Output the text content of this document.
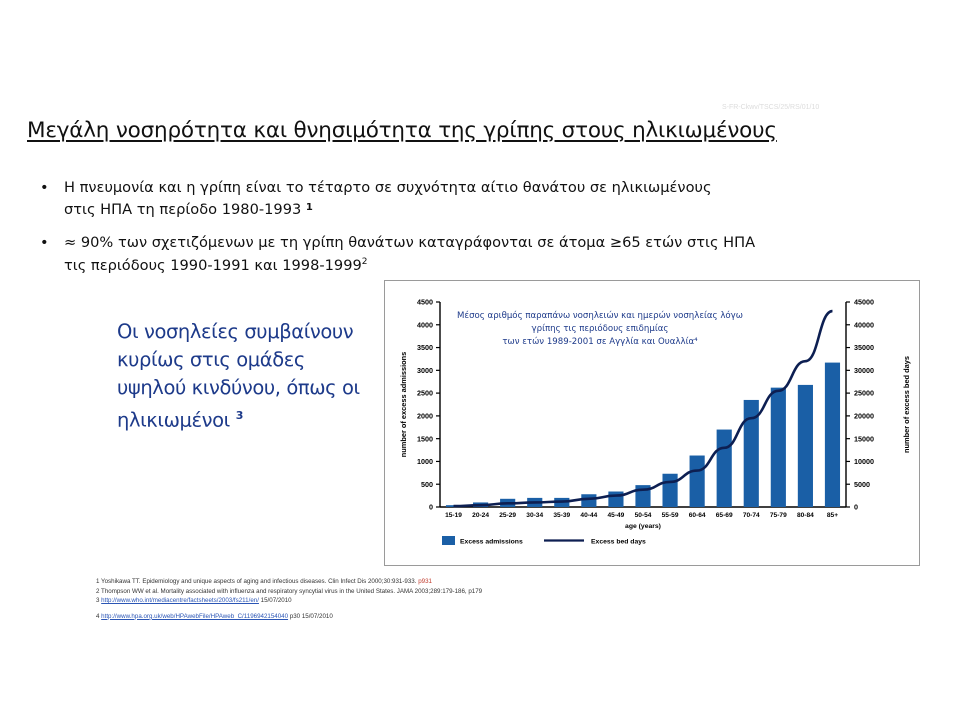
S-FR-Ckwv/TSCS/25/RS/01/10
Μεγάλη νοσηρότητα και θνησιμότητα της γρίπης στους ηλικιωμένους
• Η πνευμονία και η γρίπη είναι το τέταρτο σε συχνότητα αίτιο θανάτου σε ηλικιωμένους
στις ΗΠΑ τη περίοδο 1980-1993 $^1$
• ≈ 90% των σχετιζόμενων με τη γρίπη θανάτων καταγράφονται σε άτομα ≥65 ετών στις ΗΠΑ
τις περιόδους 1990-1991 και 1998-1999$^2$
Οι νοσηλείες συμβαίνουν
κυρίως στις ομάδες
υψηλού κινδύνου, όπως οι
ηλικιωμένοι $^3$
0
500
1000
1500
2000
2500
3000
3500
4000
4500
0
5000
10000
15000
20000
25000
30000
35000
40000
45000
15-19 20-24 25-29 30-34 35-39 40-44 45-49 50-54 55-59 60-64 65-69 70-74 75-79 80-84 85+
age (years)
number of excess admissions	number of excess bed days
Μέσος αριθμός παραπάνω νοσηλειών και ημερών νοσηλείας λόγω
γρίπης τις περιόδους επιδημίας
των ετών 1989-2001 σε Αγγλία και Ουαλλία⁴
Excess admissions	Excess bed days
1 Yoshikawa TT. Epidemiology and unique aspects of aging and infectious diseases. Clin Infect Dis 2000;30:931-933. p931
2 Thompson WW et al. Mortality associated with influenza and respiratory syncytial virus in the United States. JAMA 2003;289:179-186, p179
3 http://www.who.int/mediacentre/factsheets/2003/fs211/en/ 15/07/2010
4 http://www.hpa.org.uk/web/HPAwebFile/HPAweb_C/1196942154040 p30 15/07/2010
